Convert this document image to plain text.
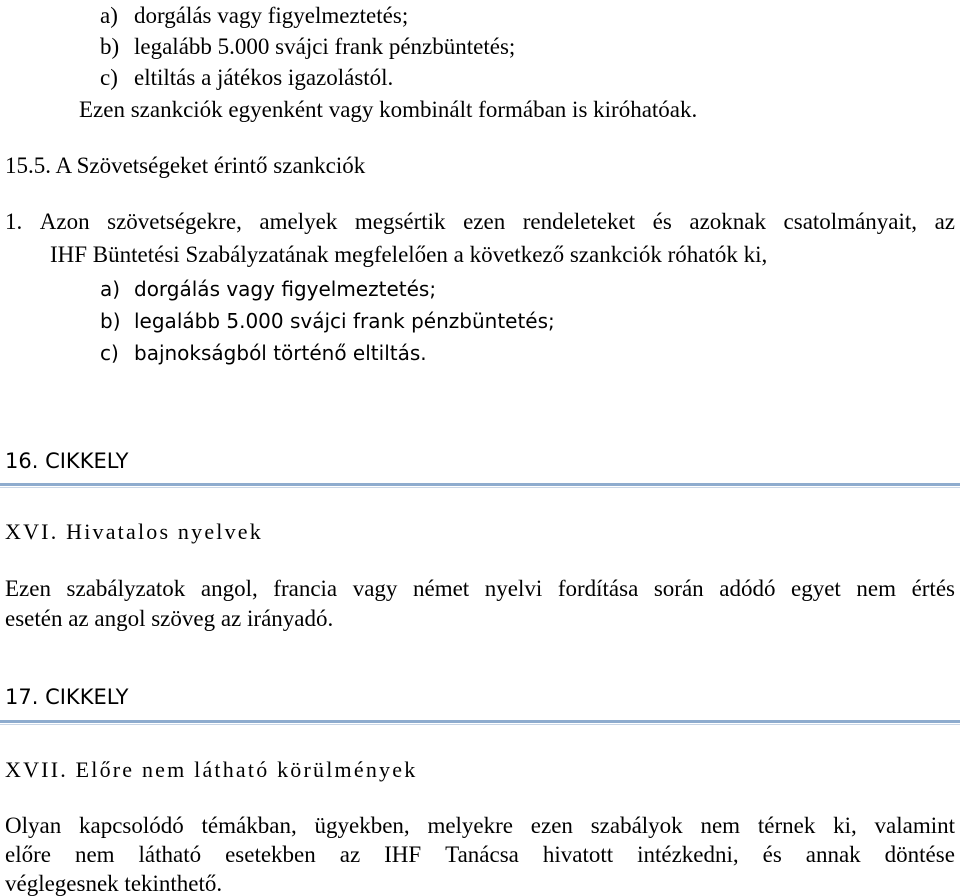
a) dorgálás vagy figyelmeztetés;
b) legalább 5.000 svájci frank pénzbüntetés;
c) eltiltás a játékos igazolástól.
Ezen szankciók egyenként vagy kombinált formában is kiróhatóak.
15.5. A Szövetségeket érintő szankciók
1. Azon szövetségekre, amelyek megsértik ezen rendeleteket és azoknak csatolmányait, az
IHF Büntetési Szabályzatának megfelelően a következő szankciók róhatók ki,
a) dorgálás vagy figyelmeztetés;
b) legalább 5.000 svájci frank pénzbüntetés;
c) bajnokságból történő eltiltás.
16. CIKKELY
XVI. Hivatalos nyelvek
Ezen szabályzatok angol, francia vagy német nyelvi fordítása során adódó egyet nem értés
esetén az angol szöveg az irányadó.
17. CIKKELY
XVII. Előre nem látható körülmények
Olyan kapcsolódó témákban, ügyekben, melyekre ezen szabályok nem térnek ki, valamint
előre nem látható esetekben az IHF Tanácsa hivatott intézkedni, és annak döntése
véglegesnek tekinthető.
